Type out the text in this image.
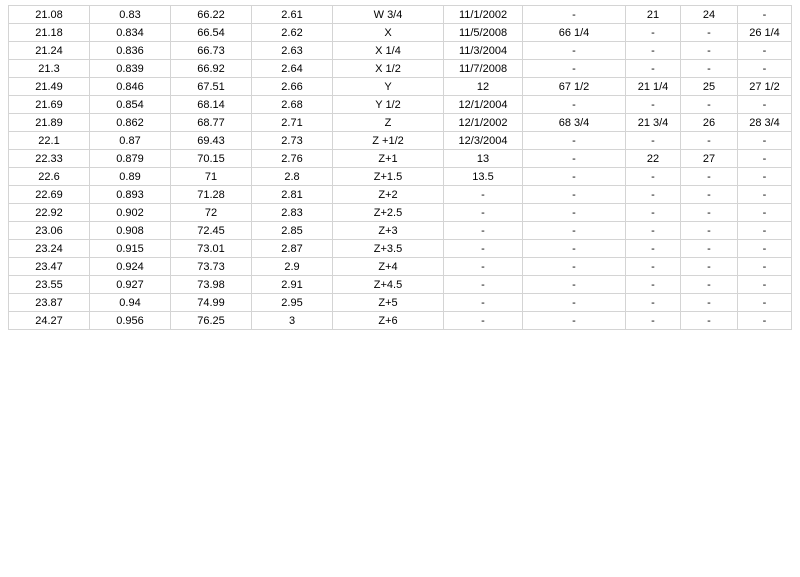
21.08	0.83	66.22	2.61	W 3/4	11/1/2002	-	21	24	-
21.18	0.834	66.54	2.62	X	11/5/2008	66 1/4	-	-	26 1/4
21.24	0.836	66.73	2.63	X 1/4	11/3/2004	-	-	-	-
21.3	0.839	66.92	2.64	X 1/2	11/7/2008	-	-	-	-
21.49	0.846	67.51	2.66	Y	12	67 1/2	21 1/4	25	27 1/2
21.69	0.854	68.14	2.68	Y 1/2	12/1/2004	-	-	-	-
21.89	0.862	68.77	2.71	Z	12/1/2002	68 3/4	21 3/4	26	28 3/4
22.1	0.87	69.43	2.73	Z +1/2	12/3/2004	-	-	-	-
22.33	0.879	70.15	2.76	Z+1	13	-	22	27	-
22.6	0.89	71	2.8	Z+1.5	13.5	-	-	-	-
22.69	0.893	71.28	2.81	Z+2	-	-	-	-	-
22.92	0.902	72	2.83	Z+2.5	-	-	-	-	-
23.06	0.908	72.45	2.85	Z+3	-	-	-	-	-
23.24	0.915	73.01	2.87	Z+3.5	-	-	-	-	-
23.47	0.924	73.73	2.9	Z+4	-	-	-	-	-
23.55	0.927	73.98	2.91	Z+4.5	-	-	-	-	-
23.87	0.94	74.99	2.95	Z+5	-	-	-	-	-
24.27	0.956	76.25	3	Z+6	-	-	-	-	-
